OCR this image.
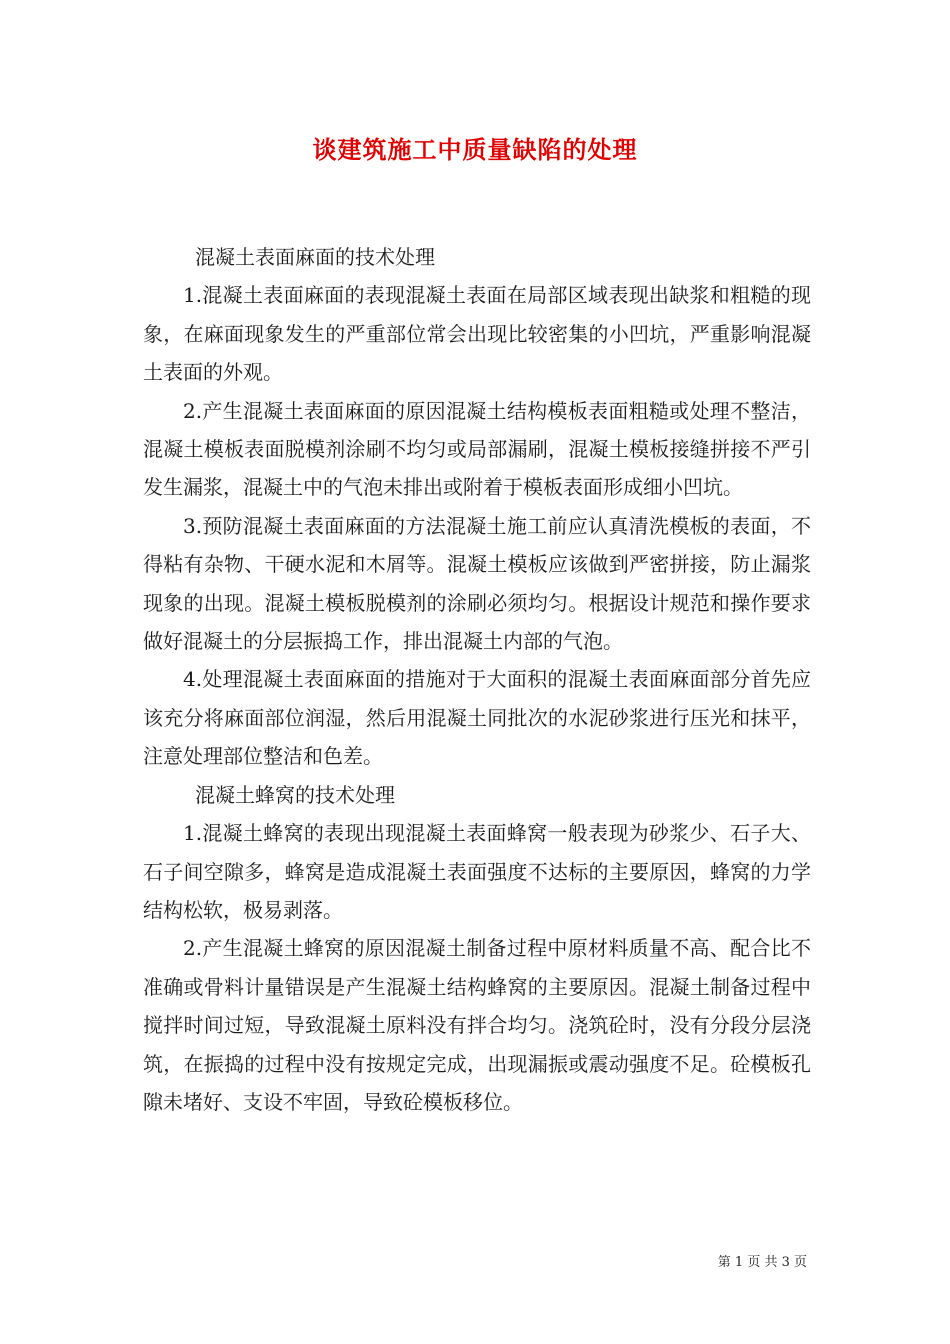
谈建筑施工中质量缺陷的处理

混凝土表面麻面的技术处理

1.混凝土表面麻面的表现混凝土表面在局部区域表现出缺浆和粗糙的现象，在麻面现象发生的严重部位常会出现比较密集的小凹坑，严重影响混凝土表面的外观。

2.产生混凝土表面麻面的原因混凝土结构模板表面粗糙或处理不整洁，混凝土模板表面脱模剂涂刷不均匀或局部漏刷，混凝土模板接缝拼接不严引发生漏浆，混凝土中的气泡未排出或附着于模板表面形成细小凹坑。

3.预防混凝土表面麻面的方法混凝土施工前应认真清洗模板的表面，不得粘有杂物、干硬水泥和木屑等。混凝土模板应该做到严密拼接，防止漏浆现象的出现。混凝土模板脱模剂的涂刷必须均匀。根据设计规范和操作要求做好混凝土的分层振捣工作，排出混凝土内部的气泡。

4.处理混凝土表面麻面的措施对于大面积的混凝土表面麻面部分首先应该充分将麻面部位润湿，然后用混凝土同批次的水泥砂浆进行压光和抹平，注意处理部位整洁和色差。

混凝土蜂窝的技术处理

1.混凝土蜂窝的表现出现混凝土表面蜂窝一般表现为砂浆少、石子大、石子间空隙多，蜂窝是造成混凝土表面强度不达标的主要原因，蜂窝的力学结构松软，极易剥落。

2.产生混凝土蜂窝的原因混凝土制备过程中原材料质量不高、配合比不准确或骨料计量错误是产生混凝土结构蜂窝的主要原因。混凝土制备过程中搅拌时间过短，导致混凝土原料没有拌合均匀。浇筑砼时，没有分段分层浇筑，在振捣的过程中没有按规定完成，出现漏振或震动强度不足。砼模板孔隙未堵好、支设不牢固，导致砼模板移位。

第 1 页 共 3 页
